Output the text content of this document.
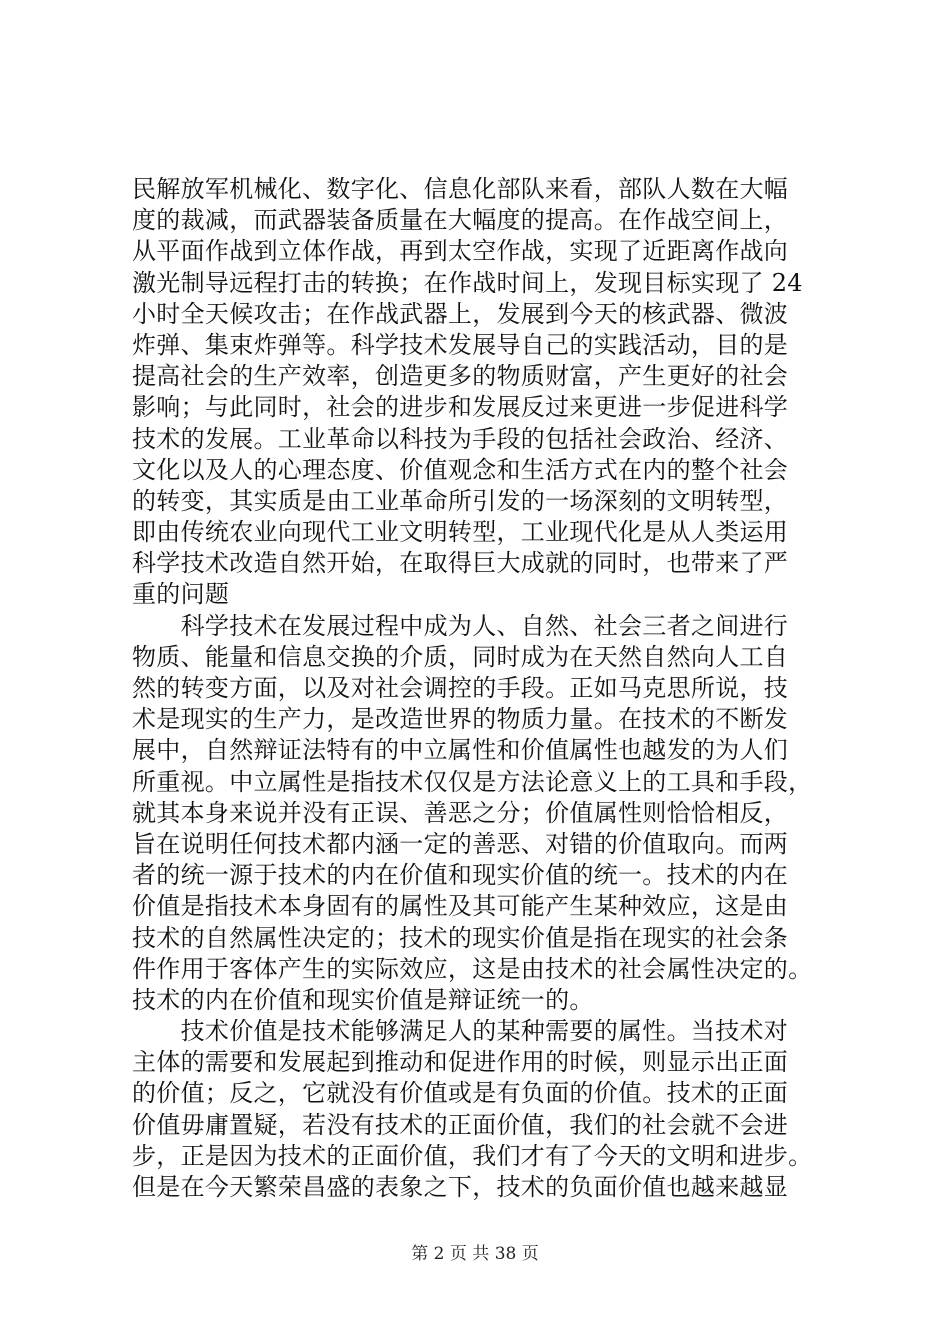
民解放军机械化、数字化、信息化部队来看，部队人数在大幅
度的裁减，而武器装备质量在大幅度的提高。在作战空间上，
从平面作战到立体作战，再到太空作战，实现了近距离作战向
激光制导远程打击的转换；在作战时间上，发现目标实现了 24
小时全天候攻击；在作战武器上，发展到今天的核武器、微波
炸弹、集束炸弹等。科学技术发展导自己的实践活动，目的是
提高社会的生产效率，创造更多的物质财富，产生更好的社会
影响；与此同时，社会的进步和发展反过来更进一步促进科学
技术的发展。工业革命以科技为手段的包括社会政治、经济、
文化以及人的心理态度、价值观念和生活方式在内的整个社会
的转变，其实质是由工业革命所引发的一场深刻的文明转型，
即由传统农业向现代工业文明转型，工业现代化是从人类运用
科学技术改造自然开始，在取得巨大成就的同时，也带来了严
重的问题
　　科学技术在发展过程中成为人、自然、社会三者之间进行
物质、能量和信息交换的介质，同时成为在天然自然向人工自
然的转变方面，以及对社会调控的手段。正如马克思所说，技
术是现实的生产力，是改造世界的物质力量。在技术的不断发
展中，自然辩证法特有的中立属性和价值属性也越发的为人们
所重视。中立属性是指技术仅仅是方法论意义上的工具和手段，
就其本身来说并没有正误、善恶之分；价值属性则恰恰相反，
旨在说明任何技术都内涵一定的善恶、对错的价值取向。而两
者的统一源于技术的内在价值和现实价值的统一。技术的内在
价值是指技术本身固有的属性及其可能产生某种效应，这是由
技术的自然属性决定的；技术的现实价值是指在现实的社会条
件作用于客体产生的实际效应，这是由技术的社会属性决定的。
技术的内在价值和现实价值是辩证统一的。
　　技术价值是技术能够满足人的某种需要的属性。当技术对
主体的需要和发展起到推动和促进作用的时候，则显示出正面
的价值；反之，它就没有价值或是有负面的价值。技术的正面
价值毋庸置疑，若没有技术的正面价值，我们的社会就不会进
步，正是因为技术的正面价值，我们才有了今天的文明和进步。
但是在今天繁荣昌盛的表象之下，技术的负面价值也越来越显
第 2 页 共 38 页
